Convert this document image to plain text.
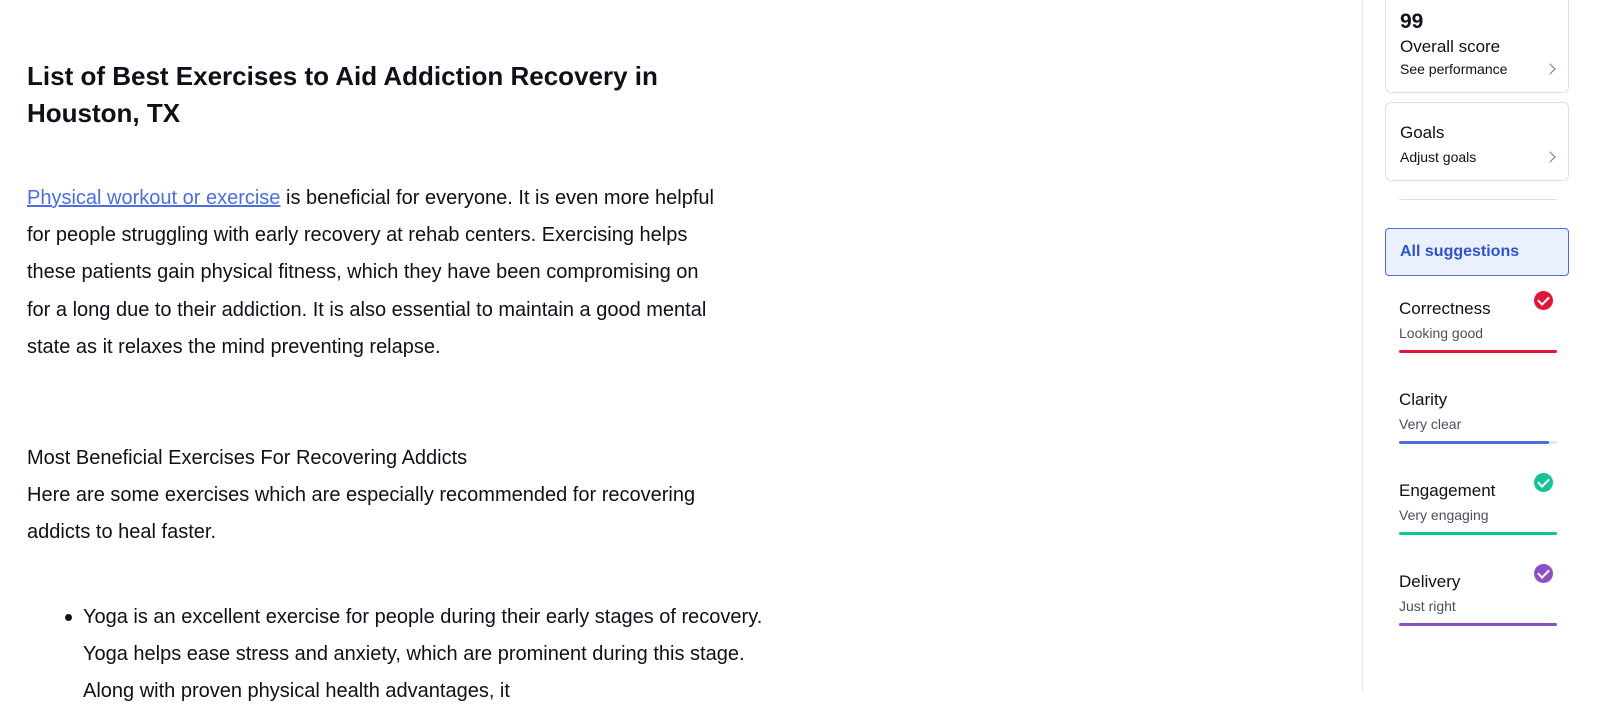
List of Best Exercises to Aid Addiction Recovery in Houston, TX

Physical workout or exercise is beneficial for everyone. It is even more helpful for people struggling with early recovery at rehab centers. Exercising helps these patients gain physical fitness, which they have been compromising on for a long due to their addiction. It is also essential to maintain a good mental state as it relaxes the mind preventing relapse.

Most Beneficial Exercises For Recovering Addicts
Here are some exercises which are especially recommended for recovering addicts to heal faster.

Yoga is an excellent exercise for people during their early stages of recovery. Yoga helps ease stress and anxiety, which are prominent during this stage. Along with proven physical health advantages, it
99
Overall score
See performance
Goals
Adjust goals
All suggestions
Correctness
Looking good
Clarity
Very clear
Engagement
Very engaging
Delivery
Just right
